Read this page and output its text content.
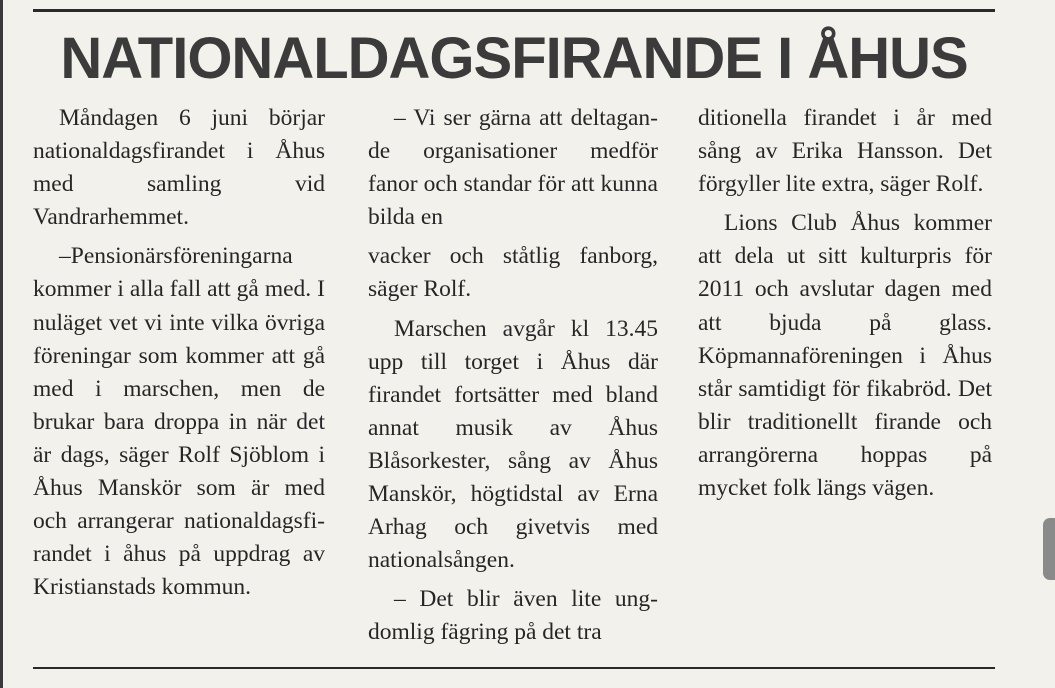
NATIONALDAGSFIRANDE I ÅHUS

Måndagen 6 juni börjar nationaldagsfirandet i Åhus med samling vid Vandrarhemmet.

–Pensionärsföreningarna kommer i alla fall att gå med. I nuläget vet vi inte vilka övriga föreningar som kommer att gå med i marschen, men de brukar bara droppa in när det är dags, säger Rolf Sjöblom i Åhus Manskör som är med och arrangerar nationaldagsfirandet i åhus på uppdrag av Kristianstads kommun.

– Vi ser gärna att deltagande organisationer medför fanor och standar för att kunna bilda en

vacker och ståtlig fanborg, säger Rolf.

Marschen avgår kl 13.45 upp till torget i Åhus där firandet fortsätter med bland annat musik av Åhus Blåsorkester, sång av Åhus Manskör, högtidstal av Erna Arhag och givetvis med nationalsången.

– Det blir även lite ungdomlig fägring på det tra

ditionella firandet i år med sång av Erika Hansson. Det förgyller lite extra, säger Rolf.

Lions Club Åhus kommer att dela ut sitt kulturpris för 2011 och avslutar dagen med att bjuda på glass. Köpmannaföreningen i Åhus står samtidigt för fikabröd. Det blir traditionellt firande och arrangörerna hoppas på mycket folk längs vägen.
